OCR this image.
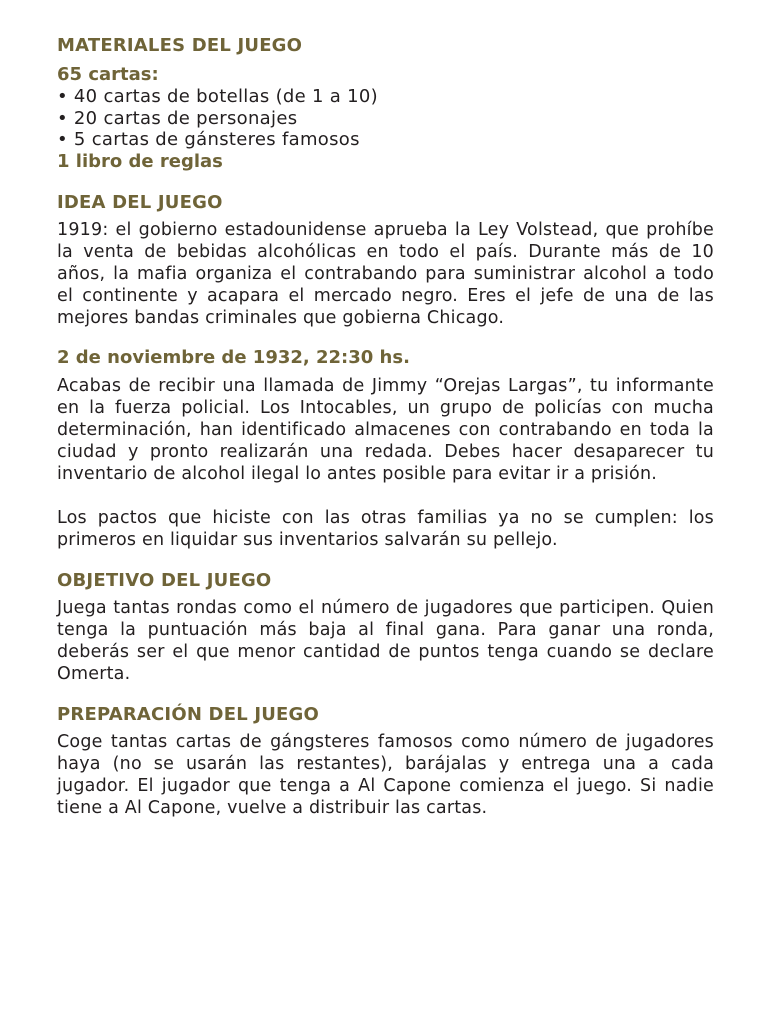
MATERIALES DEL JUEGO
65 cartas:
• 40 cartas de botellas (de 1 a 10)
• 20 cartas de personajes
• 5 cartas de gánsteres famosos
1 libro de reglas
IDEA DEL JUEGO

1919: el gobierno estadounidense aprueba la Ley Volstead, que prohíbe la venta de bebidas alcohólicas en todo el país. Durante más de 10 años, la mafia organiza el contrabando para suministrar alcohol a todo el continente y acapara el mercado negro. Eres el jefe de una de las mejores bandas criminales que gobierna Chicago.

2 de noviembre de 1932, 22:30 hs.

Acabas de recibir una llamada de Jimmy “Orejas Largas”, tu informante en la fuerza policial. Los Intocables, un grupo de policías con mucha determinación, han identificado almacenes con contrabando en toda la ciudad y pronto realizarán una redada. Debes hacer desaparecer tu inventario de alcohol ilegal lo antes posible para evitar ir a prisión.

Los pactos que hiciste con las otras familias ya no se cumplen: los primeros en liquidar sus inventarios salvarán su pellejo.

OBJETIVO DEL JUEGO

Juega tantas rondas como el número de jugadores que participen. Quien tenga la puntuación más baja al final gana. Para ganar una ronda, deberás ser el que menor cantidad de puntos tenga cuando se declare Omerta.

PREPARACIÓN DEL JUEGO

Coge tantas cartas de gángsteres famosos como número de jugadores haya (no se usarán las restantes), barájalas y entrega una a cada jugador. El jugador que tenga a Al Capone comienza el juego. Si nadie tiene a Al Capone, vuelve a distribuir las cartas.
